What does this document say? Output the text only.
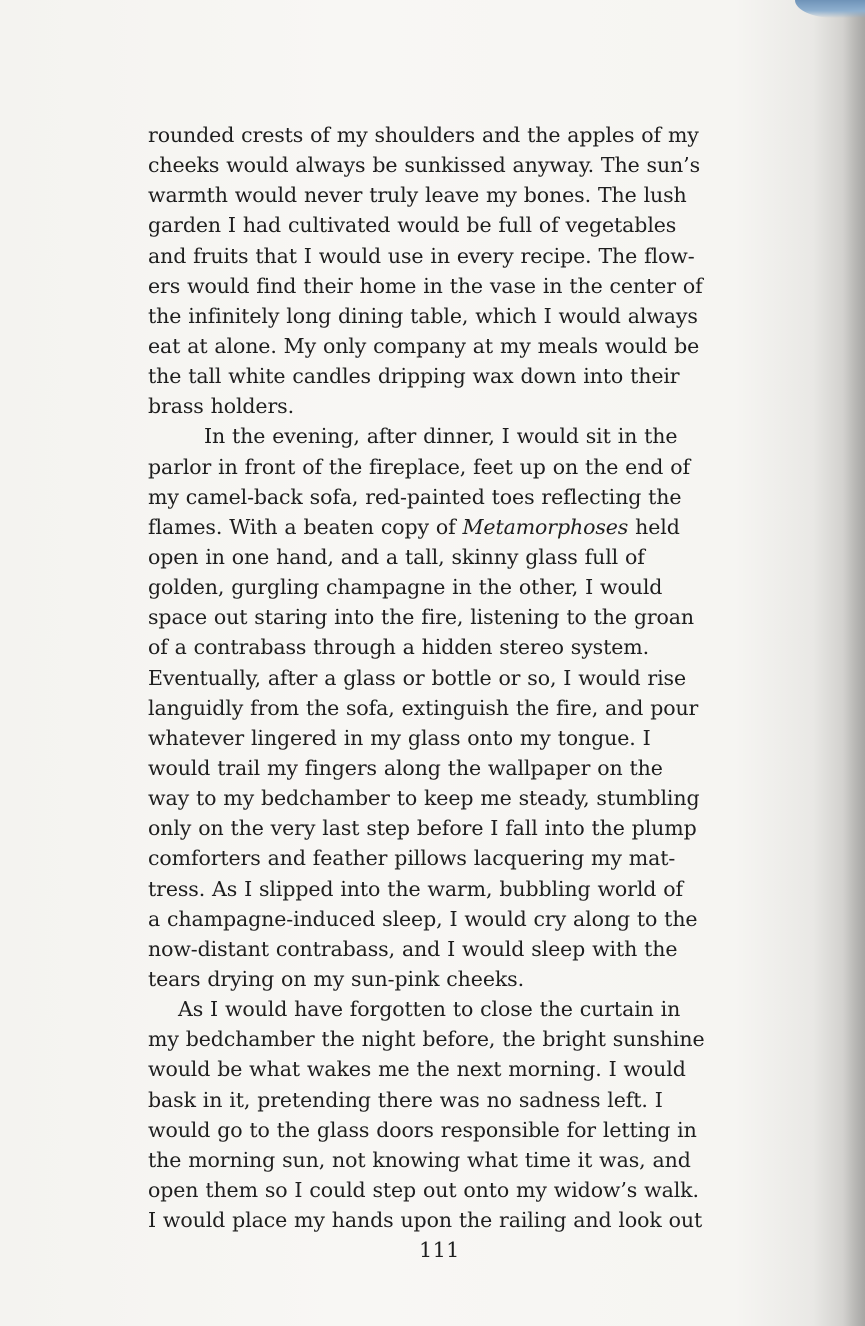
rounded crests of my shoulders and the apples of my
cheeks would always be sunkissed anyway. The sun’s
warmth would never truly leave my bones. The lush
garden I had cultivated would be full of vegetables
and fruits that I would use in every recipe. The flow-
ers would find their home in the vase in the center of
the infinitely long dining table, which I would always
eat at alone. My only company at my meals would be
the tall white candles dripping wax down into their
brass holders.
In the evening, after dinner, I would sit in the
parlor in front of the fireplace, feet up on the end of
my camel-back sofa, red-painted toes reflecting the
flames. With a beaten copy of Metamorphoses held
open in one hand, and a tall, skinny glass full of
golden, gurgling champagne in the other, I would
space out staring into the fire, listening to the groan
of a contrabass through a hidden stereo system.
Eventually, after a glass or bottle or so, I would rise
languidly from the sofa, extinguish the fire, and pour
whatever lingered in my glass onto my tongue. I
would trail my fingers along the wallpaper on the
way to my bedchamber to keep me steady, stumbling
only on the very last step before I fall into the plump
comforters and feather pillows lacquering my mat-
tress. As I slipped into the warm, bubbling world of
a champagne-induced sleep, I would cry along to the
now-distant contrabass, and I would sleep with the
tears drying on my sun-pink cheeks.
As I would have forgotten to close the curtain in
my bedchamber the night before, the bright sunshine
would be what wakes me the next morning. I would
bask in it, pretending there was no sadness left. I
would go to the glass doors responsible for letting in
the morning sun, not knowing what time it was, and
open them so I could step out onto my widow’s walk.
I would place my hands upon the railing and look out
111
